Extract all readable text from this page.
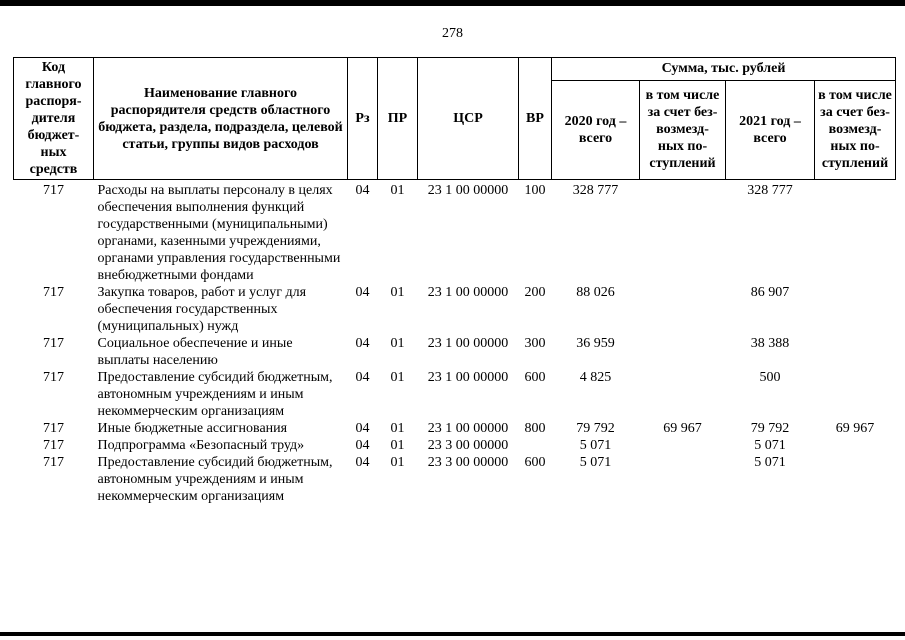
278
Код главного распоря- дителя бюджет- ных средств	Наименование главного распорядителя средств областного бюджета, раздела, подраздела, целевой статьи, группы видов расходов	Рз	ПР	ЦСР	ВР	Сумма, тыс. рублей			
						2020 год – всего	в том числе за счет без- возмезд- ных по- ступлений	2021 год – всего	в том числе за счет без- возмезд- ных по- ступлений
717	Расходы на выплаты персоналу в целях обеспечения выполнения функций государственными (муниципальными) органами, казенными учреждениями, органами управления государственными внебюджетными фондами	04	01	23 1 00 00000	100	328 777		328 777	
717	Закупка товаров, работ и услуг для обеспечения государственных (муниципальных) нужд	04	01	23 1 00 00000	200	88 026		86 907	
717	Социальное обеспечение и иные выплаты населению	04	01	23 1 00 00000	300	36 959		38 388	
717	Предоставление субсидий бюджетным, автономным учреждениям и иным некоммерческим организациям	04	01	23 1 00 00000	600	4 825		500	
717	Иные бюджетные ассигнования	04	01	23 1 00 00000	800	79 792	69 967	79 792	69 967
717	Подпрограмма «Безопасный труд»	04	01	23 3 00 00000		5 071		5 071	
717	Предоставление субсидий бюджетным, автономным учреждениям и иным некоммерческим организациям	04	01	23 3 00 00000	600	5 071		5 071	
